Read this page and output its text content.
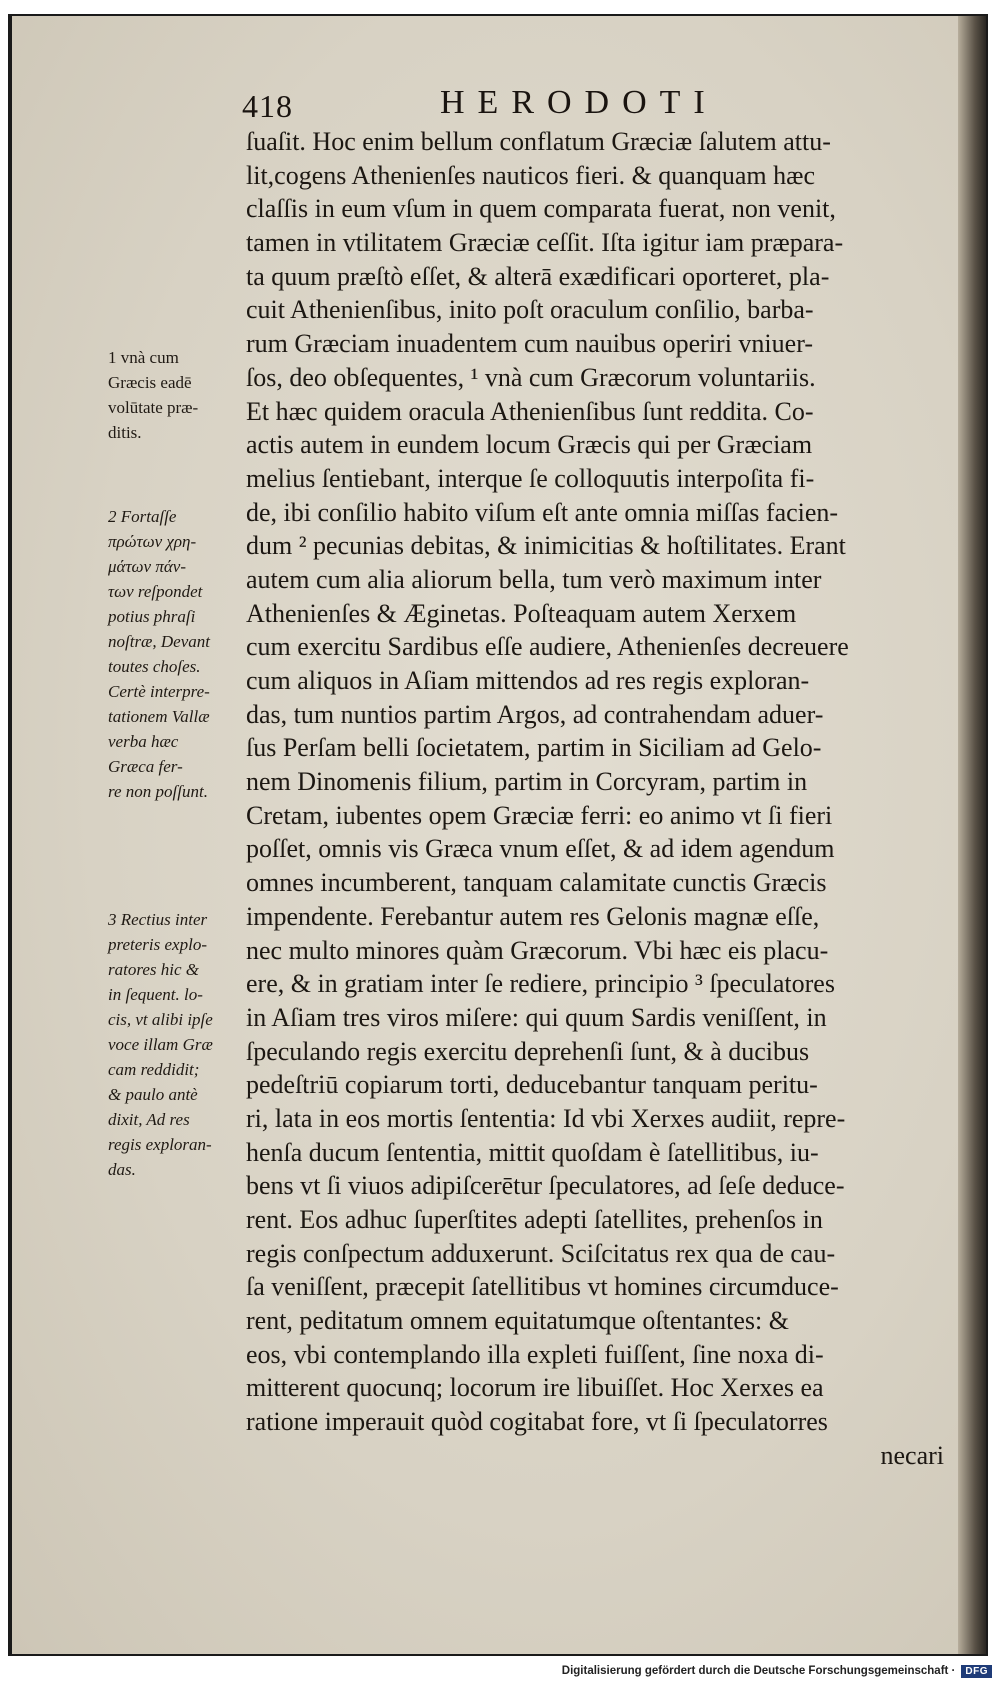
418	HERODOTI
ſuaſit. Hoc enim bellum conflatum Græciæ ſalutem attu-
lit,cogens Athenienſes nauticos fieri. & quanquam hæc
claſſis in eum vſum in quem comparata fuerat, non venit,
tamen in vtilitatem Græciæ ceſſit. Iſta igitur iam præpara-
ta quum præſtò eſſet, & alterā exædificari oporteret, pla-
cuit Athenienſibus, inito poſt oraculum conſilio, barba-
rum Græciam inuadentem cum nauibus operiri vniuer-
ſos, deo obſequentes, ¹ vnà cum Græcorum voluntariis.
Et hæc quidem oracula Athenienſibus ſunt reddita. Co-
actis autem in eundem locum Græcis qui per Græciam
melius ſentiebant, interque ſe colloquutis interpoſita fi-
de, ibi conſilio habito viſum eſt ante omnia miſſas facien-
dum ² pecunias debitas, & inimicitias & hoſtilitates. Erant
autem cum alia aliorum bella, tum verò maximum inter
Athenienſes & Æginetas. Poſteaquam autem Xerxem
cum exercitu Sardibus eſſe audiere, Athenienſes decreuere
cum aliquos in Aſiam mittendos ad res regis exploran-
das, tum nuntios partim Argos, ad contrahendam aduer-
ſus Perſam belli ſocietatem, partim in Siciliam ad Gelo-
nem Dinomenis filium, partim in Corcyram, partim in
Cretam, iubentes opem Græciæ ferri: eo animo vt ſi fieri
poſſet, omnis vis Græca vnum eſſet, & ad idem agendum
omnes incumberent, tanquam calamitate cunctis Græcis
impendente. Ferebantur autem res Gelonis magnæ eſſe,
nec multo minores quàm Græcorum. Vbi hæc eis placu-
ere, & in gratiam inter ſe rediere, principio ³ ſpeculatores
in Aſiam tres viros miſere: qui quum Sardis veniſſent, in
ſpeculando regis exercitu deprehenſi ſunt, & à ducibus
pedeſtriū copiarum torti, deducebantur tanquam peritu-
ri, lata in eos mortis ſententia: Id vbi Xerxes audiit, repre-
henſa ducum ſententia, mittit quoſdam è ſatellitibus, iu-
bens vt ſi viuos adipiſcerētur ſpeculatores, ad ſeſe deduce-
rent. Eos adhuc ſuperſtites adepti ſatellites, prehenſos in
regis conſpectum adduxerunt. Sciſcitatus rex qua de cau-
ſa veniſſent, præcepit ſatellitibus vt homines circumduce-
rent, peditatum omnem equitatumque oſtentantes: &
eos, vbi contemplando illa expleti fuiſſent, ſine noxa di-
mitterent quocunq; locorum ire libuiſſet. Hoc Xerxes ea
ratione imperauit quòd cogitabat fore, vt ſi ſpeculatorres
necari
1 vnà cum
Græcis eadē
volūtate præ-
ditis.
2 Fortaſſe
πρώτων χρη-
μάτων πάν-
των reſpondet
potius phraſi
noſtræ, Devant
toutes choſes.
Certè interpre-
tationem Vallæ
verba hæc
Græca fer-
re non poſſunt.
3 Rectius inter
preteris explo-
ratores hic &
in ſequent. lo-
cis, vt alibi ipſe
voce illam Græ
cam reddidit;
& paulo antè
dixit, Ad res
regis exploran-
das.
Digitalisierung gefördert durch die Deutsche Forschungsgemeinschaft ·	DFG
